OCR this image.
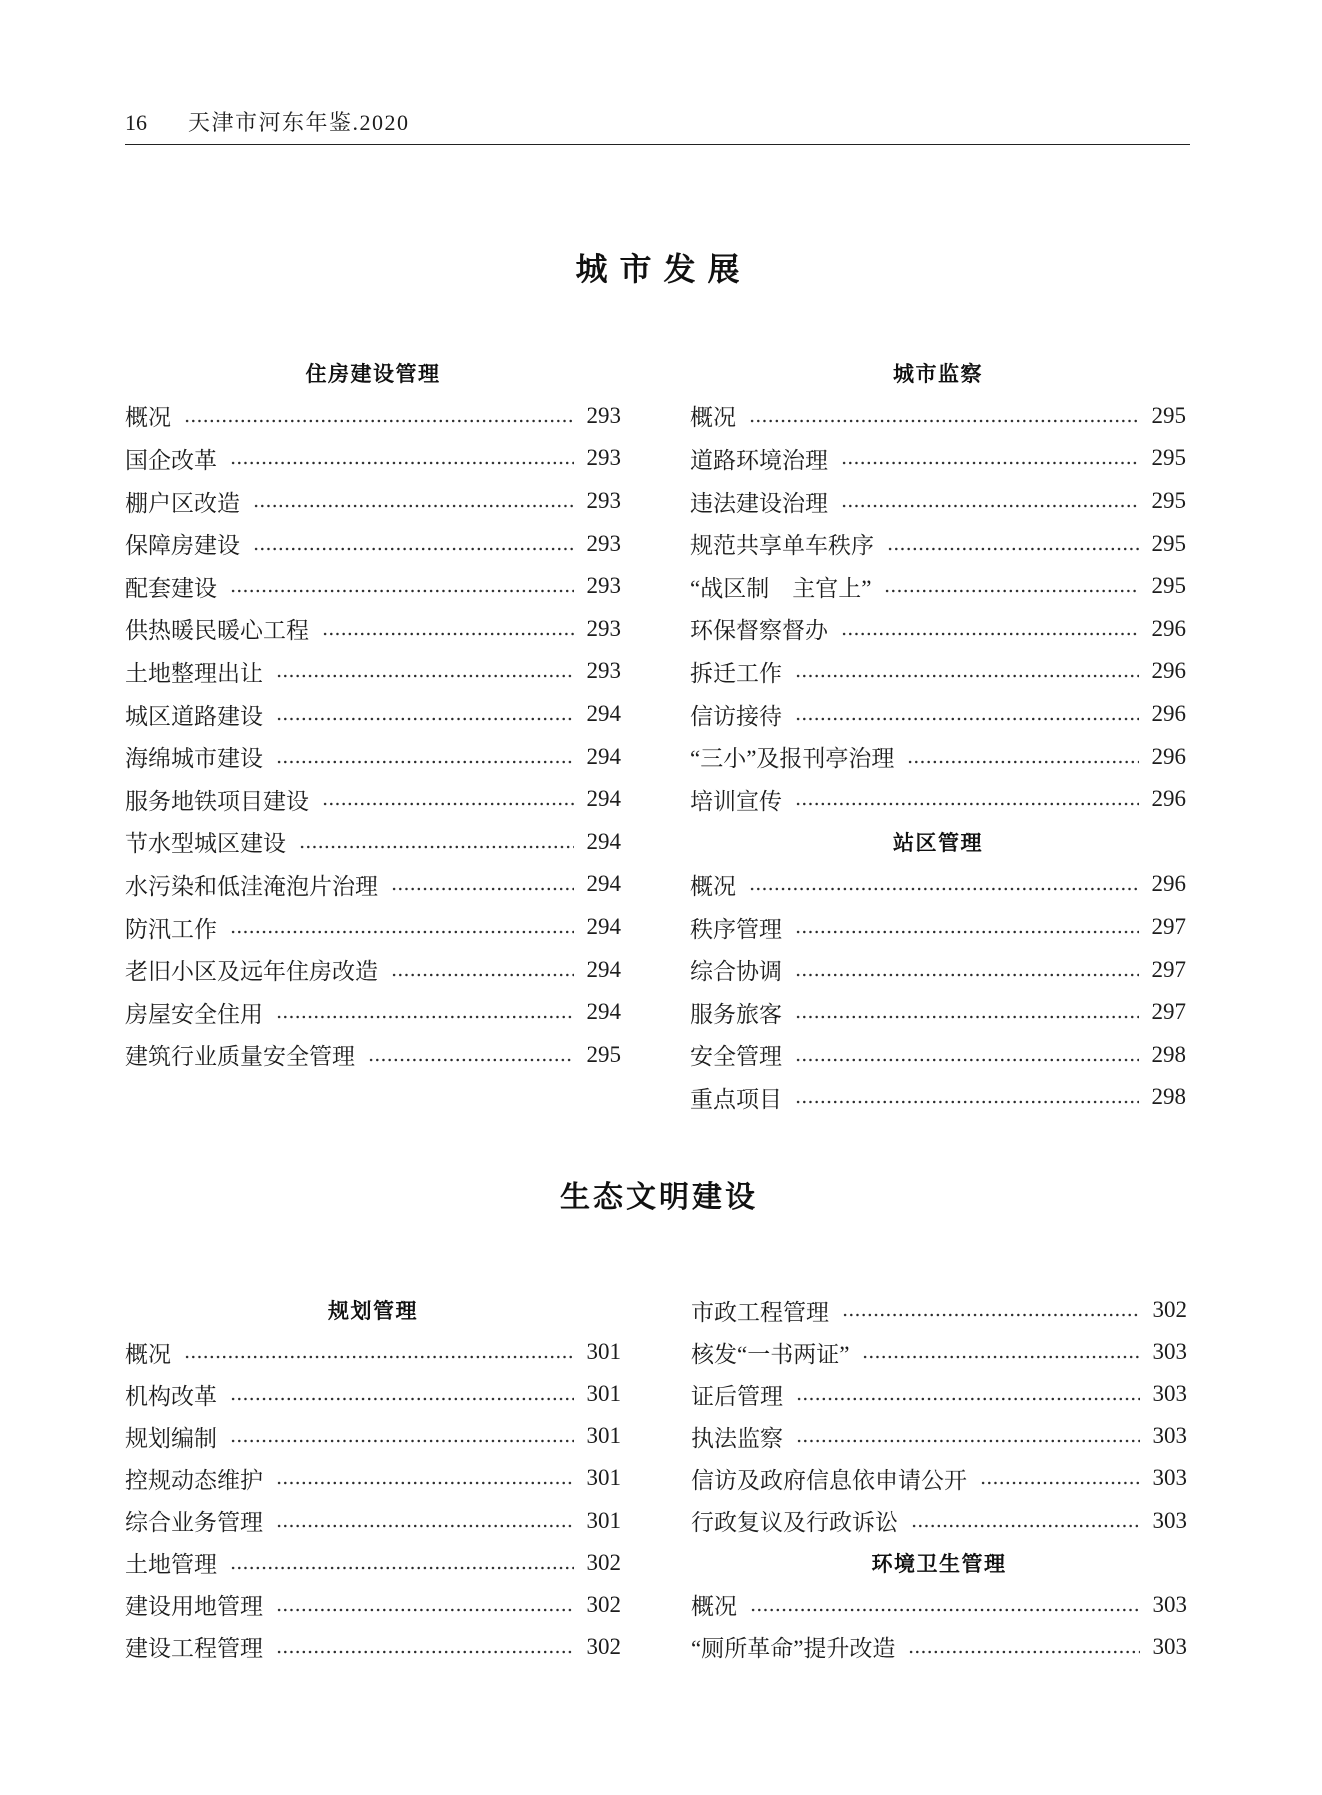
16 天津市河东年鉴.2020
城市发展
住房建设管理
概况	293
国企改革	293
棚户区改造	293
保障房建设	293
配套建设	293
供热暖民暖心工程	293
土地整理出让	293
城区道路建设	294
海绵城市建设	294
服务地铁项目建设	294
节水型城区建设	294
水污染和低洼淹泡片治理	294
防汛工作	294
老旧小区及远年住房改造	294
房屋安全住用	294
建筑行业质量安全管理	295
城市监察
概况	295
道路环境治理	295
违法建设治理	295
规范共享单车秩序	295
“战区制　主官上”	295
环保督察督办	296
拆迁工作	296
信访接待	296
“三小”及报刊亭治理	296
培训宣传	296
站区管理
概况	296
秩序管理	297
综合协调	297
服务旅客	297
安全管理	298
重点项目	298
生态文明建设
规划管理
概况	301
机构改革	301
规划编制	301
控规动态维护	301
综合业务管理	301
土地管理	302
建设用地管理	302
建设工程管理	302
市政工程管理	302
核发“一书两证”	303
证后管理	303
执法监察	303
信访及政府信息依申请公开	303
行政复议及行政诉讼	303
环境卫生管理
概况	303
“厕所革命”提升改造	303
